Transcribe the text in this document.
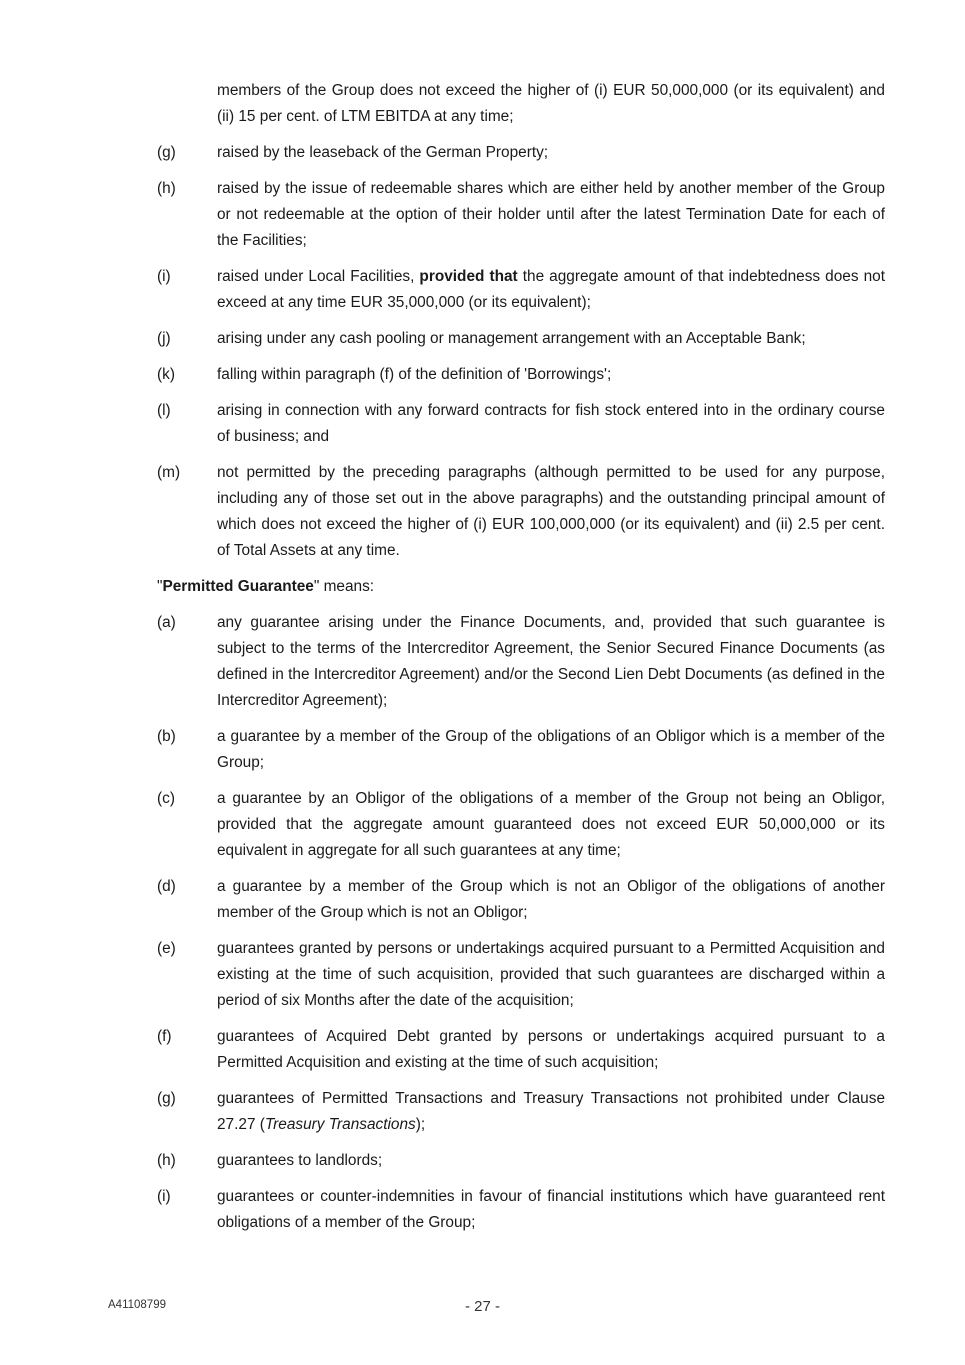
members of the Group does not exceed the higher of (i) EUR 50,000,000 (or its equivalent) and (ii) 15 per cent. of LTM EBITDA at any time;

(g)	raised by the leaseback of the German Property;
(h)	raised by the issue of redeemable shares which are either held by another member of the Group or not redeemable at the option of their holder until after the latest Termination Date for each of the Facilities;
(i)	raised under Local Facilities, provided that the aggregate amount of that indebtedness does not exceed at any time EUR 35,000,000 (or its equivalent);
(j)	arising under any cash pooling or management arrangement with an Acceptable Bank;
(k)	falling within paragraph (f) of the definition of 'Borrowings';
(l)	arising in connection with any forward contracts for fish stock entered into in the ordinary course of business; and
(m)	not permitted by the preceding paragraphs (although permitted to be used for any purpose, including any of those set out in the above paragraphs) and the outstanding principal amount of which does not exceed the higher of (i) EUR 100,000,000 (or its equivalent) and (ii) 2.5 per cent. of Total Assets at any time.

"Permitted Guarantee" means:

(a)	any guarantee arising under the Finance Documents, and, provided that such guarantee is subject to the terms of the Intercreditor Agreement, the Senior Secured Finance Documents (as defined in the Intercreditor Agreement) and/or the Second Lien Debt Documents (as defined in the Intercreditor Agreement);
(b)	a guarantee by a member of the Group of the obligations of an Obligor which is a member of the Group;
(c)	a guarantee by an Obligor of the obligations of a member of the Group not being an Obligor, provided that the aggregate amount guaranteed does not exceed EUR 50,000,000 or its equivalent in aggregate for all such guarantees at any time;
(d)	a guarantee by a member of the Group which is not an Obligor of the obligations of another member of the Group which is not an Obligor;
(e)	guarantees granted by persons or undertakings acquired pursuant to a Permitted Acquisition and existing at the time of such acquisition, provided that such guarantees are discharged within a period of six Months after the date of the acquisition;
(f)	guarantees of Acquired Debt granted by persons or undertakings acquired pursuant to a Permitted Acquisition and existing at the time of such acquisition;
(g)	guarantees of Permitted Transactions and Treasury Transactions not prohibited under Clause 27.27 (Treasury Transactions);
(h)	guarantees to landlords;
(i)	guarantees or counter-indemnities in favour of financial institutions which have guaranteed rent obligations of a member of the Group;
A41108799	- 27 -
